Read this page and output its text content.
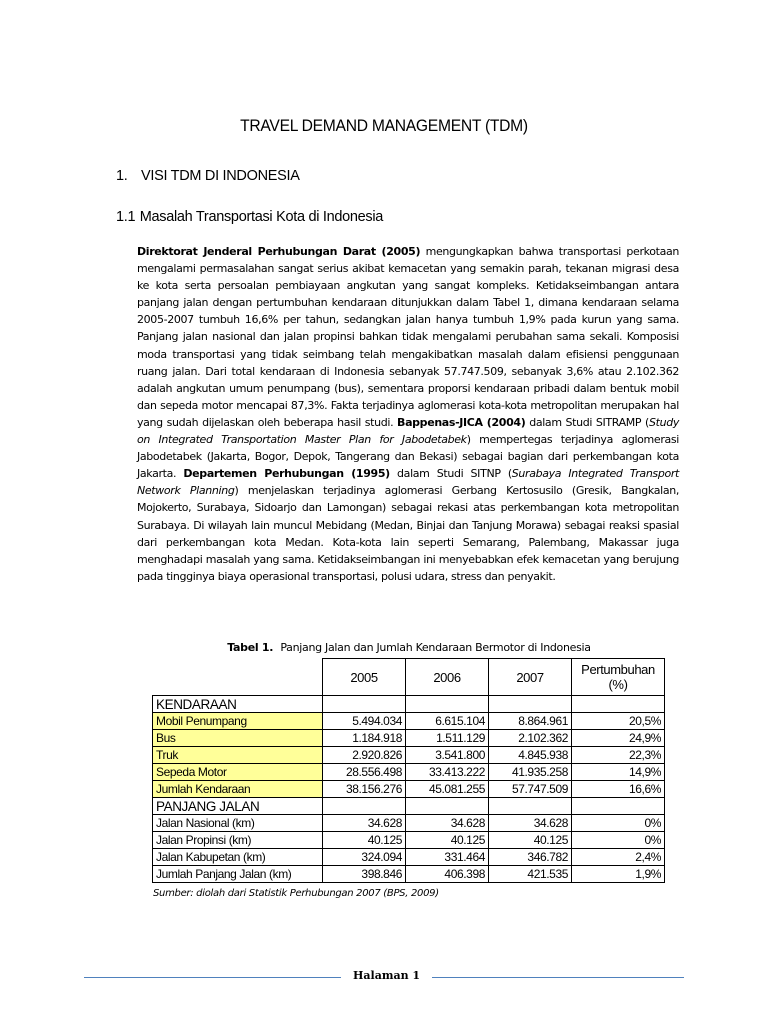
TRAVEL DEMAND MANAGEMENT (TDM)
1. VISI TDM DI INDONESIA
1.1 Masalah Transportasi Kota di Indonesia

Direktorat Jenderal Perhubungan Darat (2005) mengungkapkan bahwa transportasi perkotaan mengalami permasalahan sangat serius akibat kemacetan yang semakin parah, tekanan migrasi desa ke kota serta persoalan pembiayaan angkutan yang sangat kompleks. Ketidakseimbangan antara panjang jalan dengan pertumbuhan kendaraan ditunjukkan dalam Tabel 1, dimana kendaraan selama 2005-2007 tumbuh 16,6% per tahun, sedangkan jalan hanya tumbuh 1,9% pada kurun yang sama. Panjang jalan nasional dan jalan propinsi bahkan tidak mengalami perubahan sama sekali. Komposisi moda transportasi yang tidak seimbang telah mengakibatkan masalah dalam efisiensi penggunaan ruang jalan. Dari total kendaraan di Indonesia sebanyak 57.747.509, sebanyak 3,6% atau 2.102.362 adalah angkutan umum penumpang (bus), sementara proporsi kendaraan pribadi dalam bentuk mobil dan sepeda motor mencapai 87,3%. Fakta terjadinya aglomerasi kota-kota metropolitan merupakan hal yang sudah dijelaskan oleh beberapa hasil studi. Bappenas-JICA (2004) dalam Studi SITRAMP (Study on Integrated Transportation Master Plan for Jabodetabek) mempertegas terjadinya aglomerasi Jabodetabek (Jakarta, Bogor, Depok, Tangerang dan Bekasi) sebagai bagian dari perkembangan kota Jakarta. Departemen Perhubungan (1995) dalam Studi SITNP (Surabaya Integrated Transport Network Planning) menjelaskan terjadinya aglomerasi Gerbang Kertosusilo (Gresik, Bangkalan, Mojokerto, Surabaya, Sidoarjo dan Lamongan) sebagai rekasi atas perkembangan kota metropolitan Surabaya. Di wilayah lain muncul Mebidang (Medan, Binjai dan Tanjung Morawa) sebagai reaksi spasial dari perkembangan kota Medan. Kota-kota lain seperti Semarang, Palembang, Makassar juga menghadapi masalah yang sama. Ketidakseimbangan ini menyebabkan efek kemacetan yang berujung pada tingginya biaya operasional transportasi, polusi udara, stress dan penyakit.

Tabel 1. Panjang Jalan dan Jumlah Kendaraan Bermotor di Indonesia
	2005	2006	2007	Pertumbuhan (%)
KENDARAAN				
Mobil Penumpang	5.494.034	6.615.104	8.864.961	20,5%
Bus	1.184.918	1.511.129	2.102.362	24,9%
Truk	2.920.826	3.541.800	4.845.938	22,3%
Sepeda Motor	28.556.498	33.413.222	41.935.258	14,9%
Jumlah Kendaraan	38.156.276	45.081.255	57.747.509	16,6%
PANJANG JALAN				
Jalan Nasional (km)	34.628	34.628	34.628	0%
Jalan Propinsi (km)	40.125	40.125	40.125	0%
Jalan Kabupetan (km)	324.094	331.464	346.782	2,4%
Jumlah Panjang Jalan (km)	398.846	406.398	421.535	1,9%
Sumber: diolah dari Statistik Perhubungan 2007 (BPS, 2009)
Halaman 1
